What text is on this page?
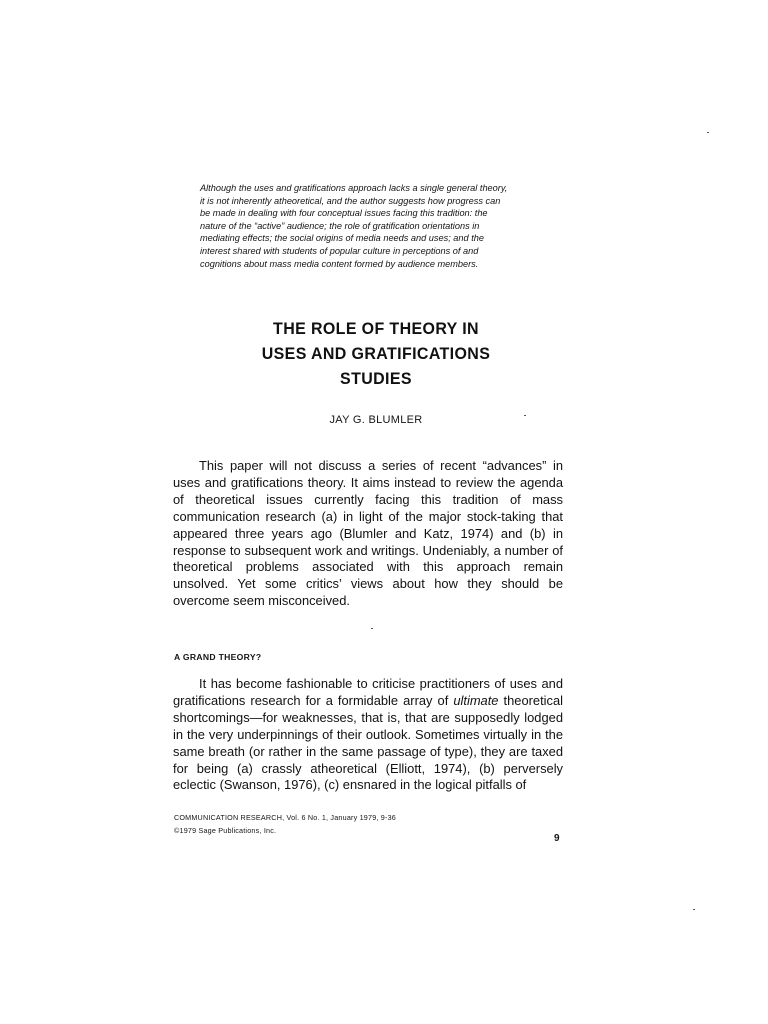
Although the uses and gratifications approach lacks a single general theory,
it is not inherently atheoretical, and the author suggests how progress can
be made in dealing with four conceptual issues facing this tradition: the
nature of the “active” audience; the role of gratification orientations in
mediating effects; the social origins of media needs and uses; and the
interest shared with students of popular culture in perceptions of and
cognitions about mass media content formed by audience members.
THE ROLE OF THEORY IN
USES AND GRATIFICATIONS
STUDIES
JAY G. BLUMLER
This paper will not discuss a series of recent “advances” in uses and gratifications theory. It aims instead to review the agenda of theoretical issues currently facing this tradition of mass communication research (a) in light of the major stock-taking that appeared three years ago (Blumler and Katz, 1974) and (b) in response to subsequent work and writings. Undeniably, a number of theoretical problems associated with this approach remain unsolved. Yet some critics’ views about how they should be overcome seem misconceived.
A GRAND THEORY?
It has become fashionable to criticise practitioners of uses and gratifications research for a formidable array of ultimate theoretical shortcomings—for weaknesses, that is, that are supposedly lodged in the very underpinnings of their outlook. Sometimes virtually in the same breath (or rather in the same passage of type), they are taxed for being (a) crassly atheoretical (Elliott, 1974), (b) perversely eclectic (Swanson, 1976), (c) ensnared in the logical pitfalls of
COMMUNICATION RESEARCH, Vol. 6 No. 1, January 1979, 9-36
©1979 Sage Publications, Inc.
9
